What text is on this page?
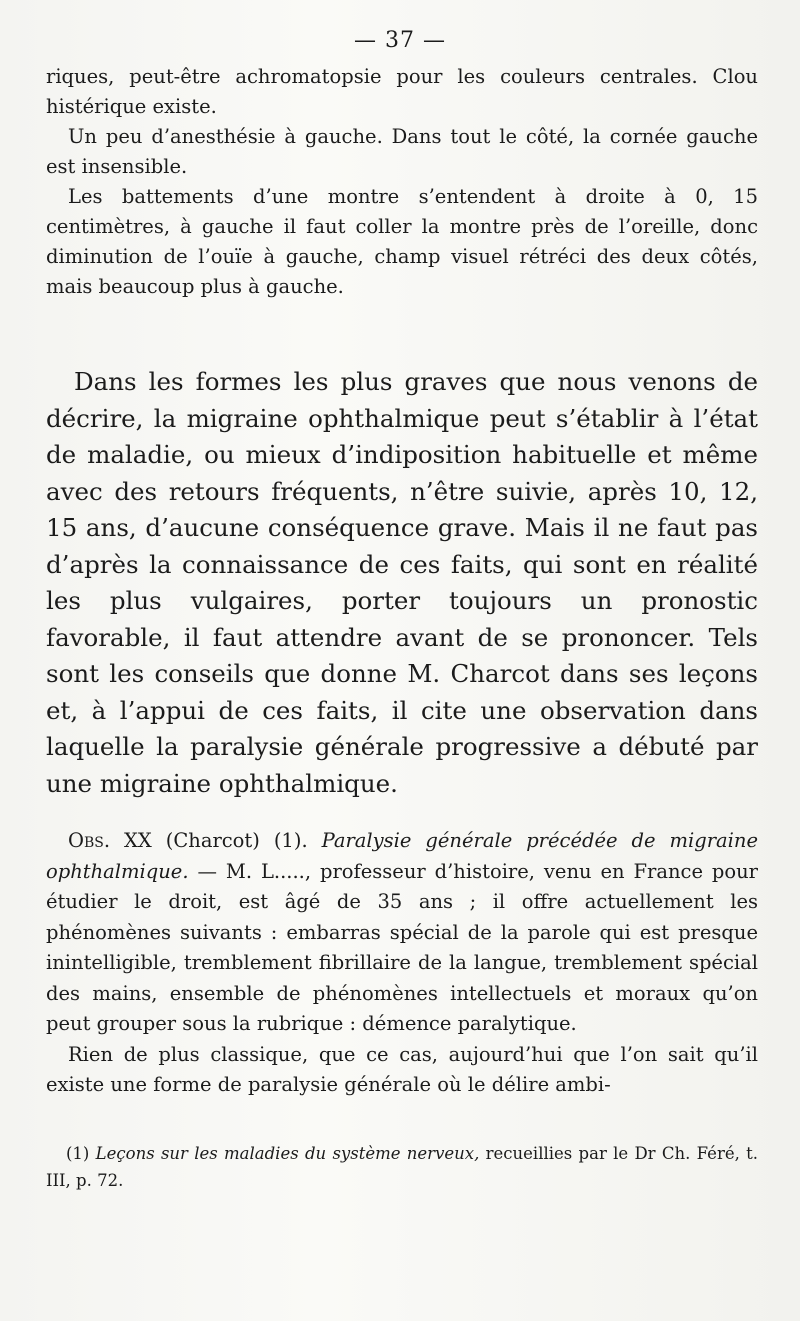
— 37 —

riques, peut-être achromatopsie pour les couleurs centrales. Clou histérique existe.

Un peu d’anesthésie à gauche. Dans tout le côté, la cornée gauche est insensible.

Les battements d’une montre s’entendent à droite à 0, 15 centimètres, à gauche il faut coller la montre près de l’oreille, donc diminution de l’ouïe à gauche, champ visuel rétréci des deux côtés, mais beaucoup plus à gauche.

Dans les formes les plus graves que nous venons de décrire, la migraine ophthalmique peut s’établir à l’état de maladie, ou mieux d’indiposition habituelle et même avec des retours fréquents, n’être suivie, après 10, 12, 15 ans, d’aucune conséquence grave. Mais il ne faut pas d’après la connaissance de ces faits, qui sont en réalité les plus vulgaires, porter toujours un pronostic favorable, il faut attendre avant de se prononcer. Tels sont les conseils que donne M. Charcot dans ses leçons et, à l’appui de ces faits, il cite une observation dans laquelle la paralysie générale progressive a débuté par une migraine ophthalmique.

Obs. XX (Charcot) (1). Paralysie générale précédée de migraine ophthalmique. — M. L....., professeur d’histoire, venu en France pour étudier le droit, est âgé de 35 ans ; il offre actuellement les phénomènes suivants : embarras spécial de la parole qui est presque inintelligible, tremblement fibrillaire de la langue, tremblement spécial des mains, ensemble de phénomènes intellectuels et moraux qu’on peut grouper sous la rubrique : démence paralytique.

Rien de plus classique, que ce cas, aujourd’hui que l’on sait qu’il existe une forme de paralysie générale où le délire ambi-

(1) Leçons sur les maladies du système nerveux, recueillies par le Dr Ch. Féré, t. III, p. 72.
